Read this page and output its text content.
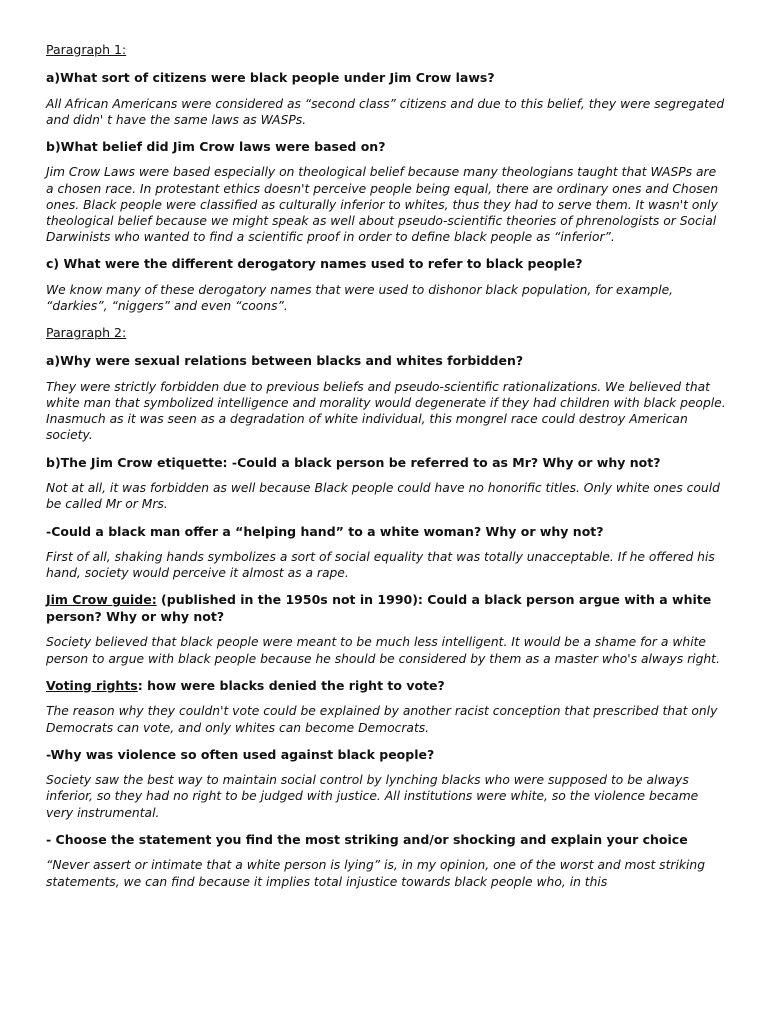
Paragraph 1:

a)What sort of citizens were black people under Jim Crow laws?

All African Americans were considered as “second class” citizens and due to this belief, they were segregated and didn' t have the same laws as WASPs.

b)What belief did Jim Crow laws were based on?

Jim Crow Laws were based especially on theological belief because many theologians taught that WASPs are a chosen race. In protestant ethics doesn't perceive people being equal, there are ordinary ones and Chosen ones. Black people were classified as culturally inferior to whites, thus they had to serve them. It wasn't only theological belief because we might speak as well about pseudo-scientific theories of phrenologists or Social Darwinists who wanted to find a scientific proof in order to define black people as “inferior”.

c) What were the different derogatory names used to refer to black people?

We know many of these derogatory names that were used to dishonor black population, for example, “darkies”, “niggers” and even “coons”.

Paragraph 2:

a)Why were sexual relations between blacks and whites forbidden?

They were strictly forbidden due to previous beliefs and pseudo-scientific rationalizations. We believed that white man that symbolized intelligence and morality would degenerate if they had children with black people. Inasmuch as it was seen as a degradation of white individual, this mongrel race could destroy American society.

b)The Jim Crow etiquette: -Could a black person be referred to as Mr? Why or why not?

Not at all, it was forbidden as well because Black people could have no honorific titles. Only white ones could be called Mr or Mrs.

-Could a black man offer a “helping hand” to a white woman? Why or why not?

First of all, shaking hands symbolizes a sort of social equality that was totally unacceptable. If he offered his hand, society would perceive it almost as a rape.

Jim Crow guide: (published in the 1950s not in 1990): Could a black person argue with a white person? Why or why not?

Society believed that black people were meant to be much less intelligent. It would be a shame for a white person to argue with black people because he should be considered by them as a master who's always right.

Voting rights: how were blacks denied the right to vote?

The reason why they couldn't vote could be explained by another racist conception that prescribed that only Democrats can vote, and only whites can become Democrats.

-Why was violence so often used against black people?

Society saw the best way to maintain social control by lynching blacks who were supposed to be always inferior, so they had no right to be judged with justice. All institutions were white, so the violence became very instrumental.

- Choose the statement you find the most striking and/or shocking and explain your choice

“Never assert or intimate that a white person is lying” is, in my opinion, one of the worst and most striking statements, we can find because it implies total injustice towards black people who, in this
